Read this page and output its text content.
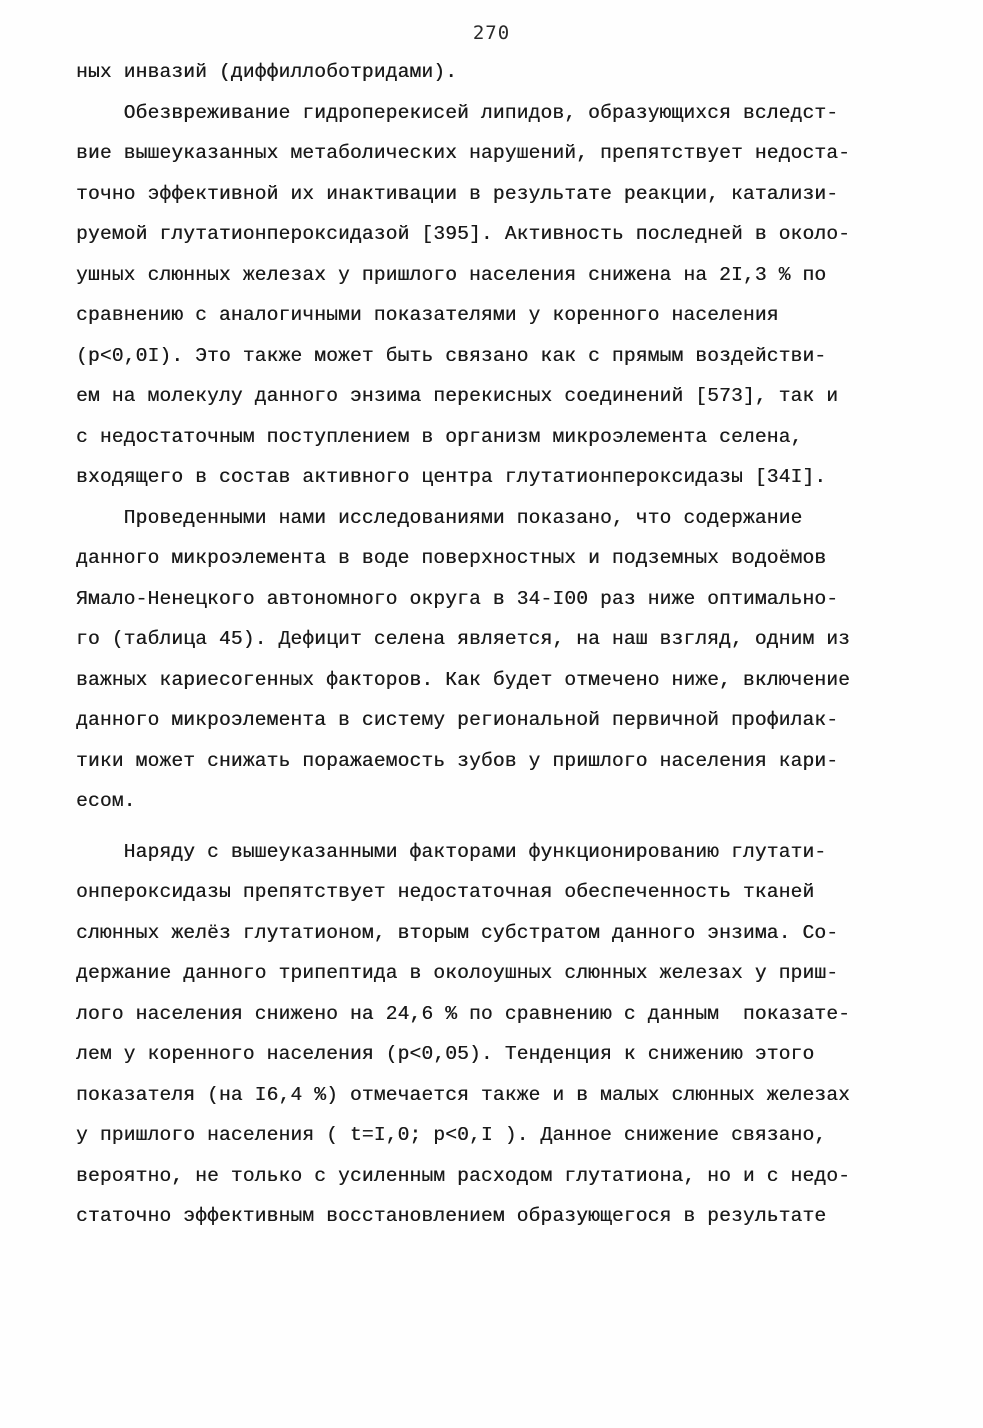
270
ных инвазий (диффиллоботридами).
Обезвреживание гидроперекисей липидов, образующихся вследст-
вие вышеуказанных метаболических нарушений, препятствует недоста-
точно эффективной их инактивации в результате реакции, катализи-
руемой глутатионпероксидазой [395]. Активность последней в околo-
ушных слюнных железах у пришлого населения снижена на 2I,3 % по
сравнению с аналогичными показателями у коренного населения
(p<0,0I). Это также может быть связано как с прямым воздействи-
ем на молекулу данного энзима перекисных соединений [573], так и
с недостаточным поступлением в организм микроэлемента селена,
входящего в состав активного центра глутатионпероксидазы [34I].
Проведенными нами исследованиями показано, что содержание
данного микроэлемента в воде поверхностных и подземных водоёмов
Ямало-Ненецкого автономного округа в 34-I00 раз ниже оптимально-
го (таблица 45). Дефицит селена является, на наш взгляд, одним из
важных кариесогенных факторов. Как будет отмечено ниже, включение
данного микроэлемента в систему региональной первичной профилак-
тики может снижать поражаемость зубов у пришлого населения кари-
есом.
Наряду с вышеуказанными факторами функционированию глутати-
онпероксидазы препятствует недостаточная обеспеченность тканей
слюнных желёз глутатионом, вторым субстратом данного энзима. Со-
держание данного трипептида в околоушных слюнных железах у приш-
лого населения снижено на 24,6 % по сравнению с данным  показате-
лем у коренного населения (p<0,05). Тенденция к снижению этого
показателя (на I6,4 %) отмечается также и в малых слюнных железах
у пришлого населения ( t=I,0; p<0,I ). Данное снижение связано,
вероятно, не только с усиленным расходом глутатиона, но и с недо-
статочно эффективным восстановлением образующегося в результате
